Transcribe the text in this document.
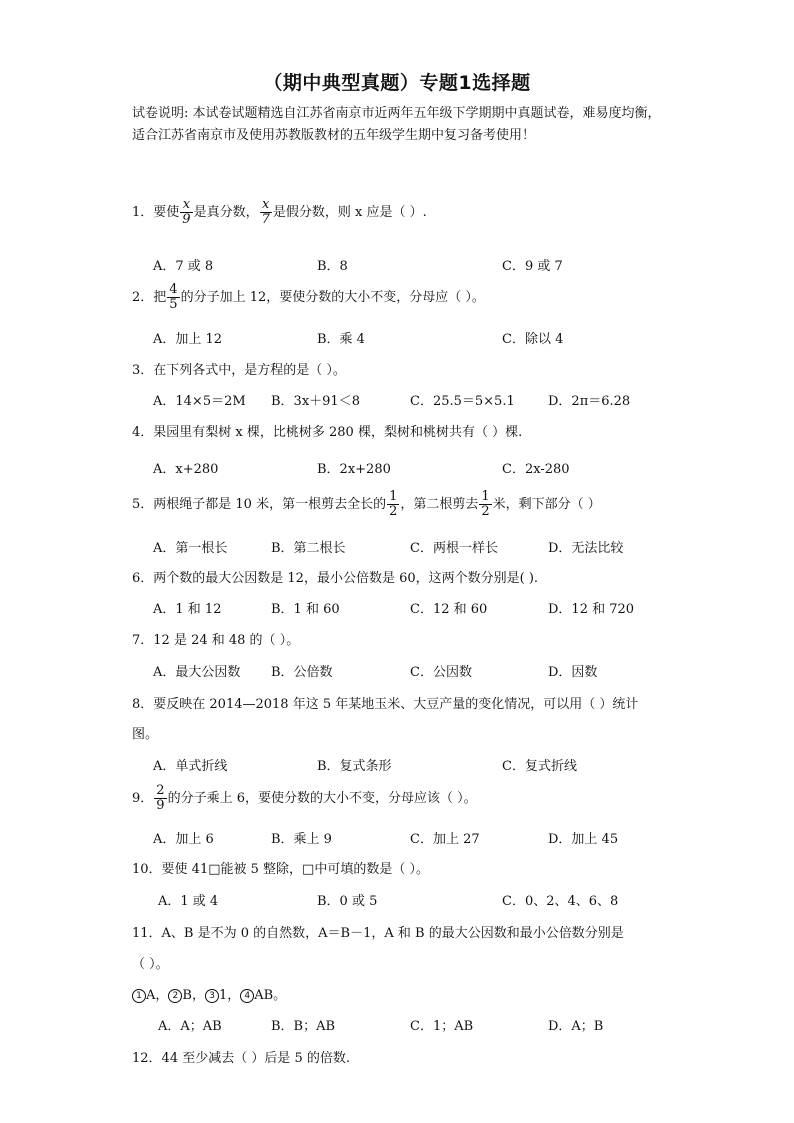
（期中典型真题）专题1选择题
试卷说明: 本试卷试题精选自江苏省南京市近两年五年级下学期期中真题试卷，难易度均衡，适合江苏省南京市及使用苏教版教材的五年级学生期中复习备考使用！
1．要使 $\frac{x}{9}$ 是真分数， $\frac{x}{7}$ 是假分数，则 x 应是（ ）.
A．7 或 8	B．8	C．9 或 7
2．把 $\frac{4}{5}$ 的分子加上 12，要使分数的大小不变，分母应（ ）。
A．加上 12	B．乘 4	C．除以 4
3．在下列各式中，是方程的是（ ）。
A．14×5＝2M B．3x＋91＜8	C．25.5＝5×5.1	D．2π＝6.28
4．果园里有梨树 x 棵，比桃树多 280 棵，梨树和桃树共有（ ）棵.
A．x+280	B．2x+280	C．2x-280
5．两根绳子都是 10 米，第一根剪去全长的 $\frac{1}{2}$ ，第二根剪去 $\frac{1}{2}$ 米，剩下部分（ ）
A．第一根长	B．第二根长	C．两根一样长	D．无法比较
6．两个数的最大公因数是 12，最小公倍数是 60，这两个数分别是( ).
A．1 和 12	B．1 和 60	C．12 和 60	D．12 和 720
7．12 是 24 和 48 的（ ）。
A．最大公因数 B．公倍数	C．公因数	D．因数
8．要反映在 2014—2018 年这 5 年某地玉米、大豆产量的变化情况，可以用（ ）统计
图。
A．单式折线	B．复式条形	C．复式折线
9． $\frac{2}{9}$ 的分子乘上 6，要使分数的大小不变，分母应该（ ）。
A．加上 6	B．乘上 9	C．加上 27	D．加上 45
10．要使 41□能被 5 整除，□中可填的数是（ ）。
A．1 或 4	B．0 或 5	C．0、2、4、6、8
11．A、B 是不为 0 的自然数，A＝B－1，A 和 B 的最大公因数和最小公倍数分别是
（ ）。
1 A， 2 B， 3 1， 4 AB。
A．A；AB	B．B；AB	C．1；AB	D．A；B
12．44 至少减去（ ）后是 5 的倍数.
